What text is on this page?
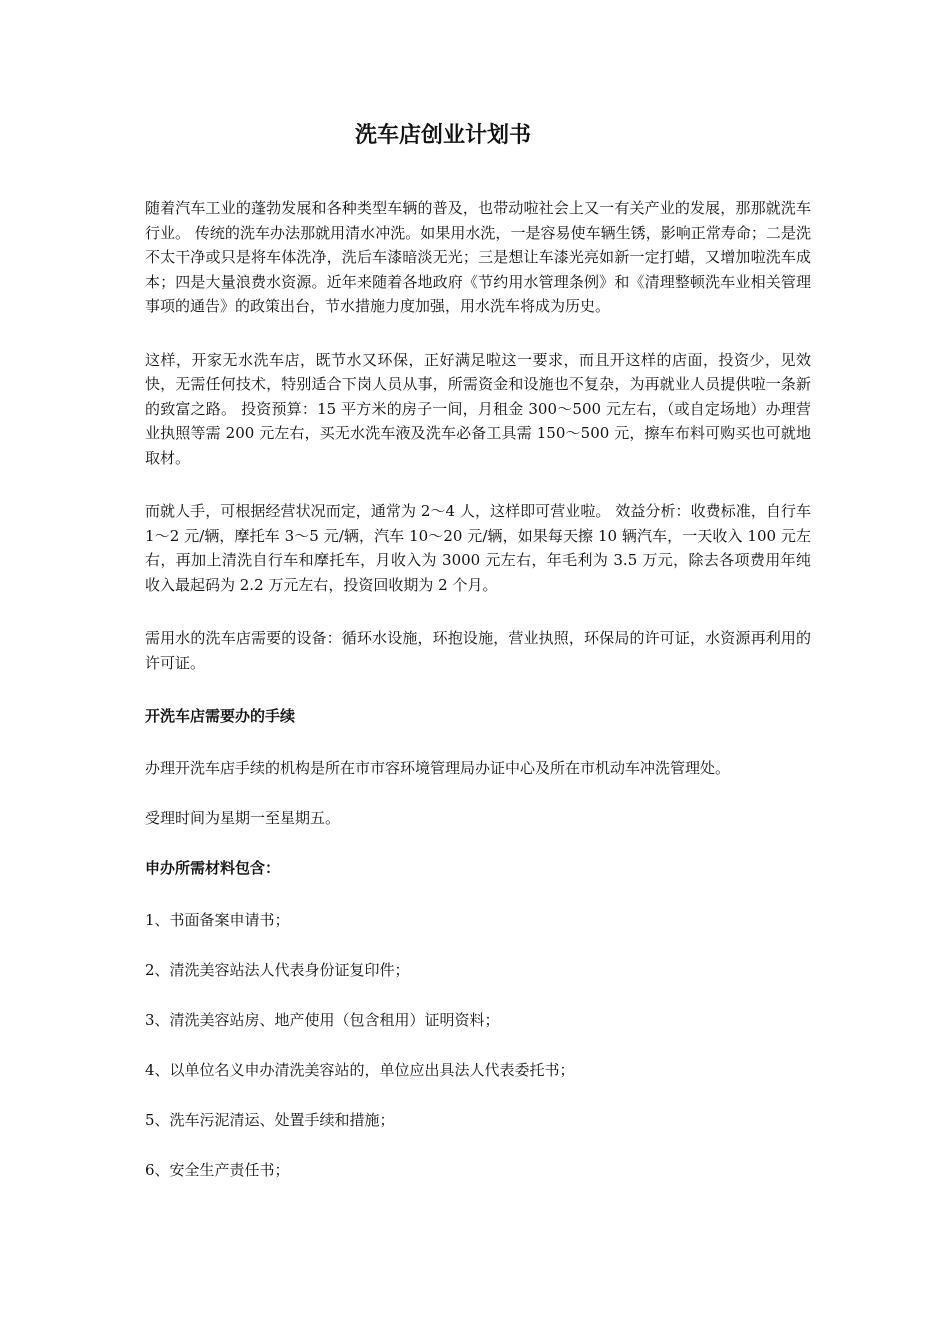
洗车店创业计划书

随着汽车工业的蓬勃发展和各种类型车辆的普及，也带动啦社会上又一有关产业的发展，那那就洗车行业。 传统的洗车办法那就用清水冲洗。如果用水洗，一是容易使车辆生锈，影响正常寿命；二是洗不太干净或只是将车体洗净，洗后车漆暗淡无光；三是想让车漆光亮如新一定打蜡，又增加啦洗车成本；四是大量浪费水资源。近年来随着各地政府《节约用水管理条例》和《清理整顿洗车业相关管理事项的通告》的政策出台，节水措施力度加强，用水洗车将成为历史。

这样，开家无水洗车店，既节水又环保，正好满足啦这一要求，而且开这样的店面，投资少，见效快，无需任何技术，特别适合下岗人员从事，所需资金和设施也不复杂，为再就业人员提供啦一条新的致富之路。 投资预算：15 平方米的房子一间，月租金 300～500 元左右，（或自定场地）办理营业执照等需 200 元左右，买无水洗车液及洗车必备工具需 150～500 元，擦车布料可购买也可就地取材。

而就人手，可根据经营状况而定，通常为 2～4 人，这样即可营业啦。 效益分析：收费标准，自行车 1～2 元/辆，摩托车 3～5 元/辆，汽车 10～20 元/辆，如果每天擦 10 辆汽车，一天收入 100 元左右，再加上清洗自行车和摩托车，月收入为 3000 元左右，年毛利为 3.5 万元，除去各项费用年纯收入最起码为 2.2 万元左右，投资回收期为 2 个月。

需用水的洗车店需要的设备：循环水设施，环抱设施，营业执照，环保局的许可证，水资源再利用的许可证。

开洗车店需要办的手续

办理开洗车店手续的机构是所在市市容环境管理局办证中心及所在市机动车冲洗管理处。

受理时间为星期一至星期五。

申办所需材料包含：

1、书面备案申请书；

2、清洗美容站法人代表身份证复印件；

3、清洗美容站房、地产使用（包含租用）证明资料；

4、以单位名义申办清洗美容站的，单位应出具法人代表委托书；

5、洗车污泥清运、处置手续和措施；

6、安全生产责任书；
